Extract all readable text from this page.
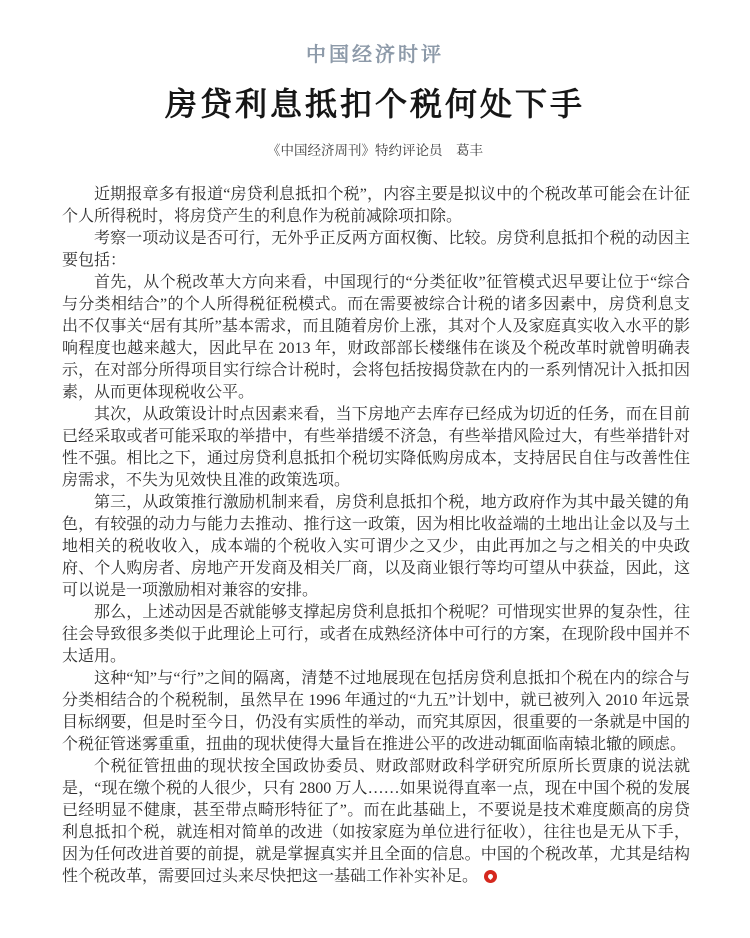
中国经济时评
房贷利息抵扣个税何处下手
《中国经济周刊》特约评论员　葛丰

近期报章多有报道“房贷利息抵扣个税”，内容主要是拟议中的个税改革可能会在计征个人所得税时，将房贷产生的利息作为税前减除项扣除。

考察一项动议是否可行，无外乎正反两方面权衡、比较。房贷利息抵扣个税的动因主要包括：

首先，从个税改革大方向来看，中国现行的“分类征收”征管模式迟早要让位于“综合与分类相结合”的个人所得税征税模式。而在需要被综合计税的诸多因素中，房贷利息支出不仅事关“居有其所”基本需求，而且随着房价上涨，其对个人及家庭真实收入水平的影响程度也越来越大，因此早在 2013 年，财政部部长楼继伟在谈及个税改革时就曾明确表示，在对部分所得项目实行综合计税时，会将包括按揭贷款在内的一系列情况计入抵扣因素，从而更体现税收公平。

其次，从政策设计时点因素来看，当下房地产去库存已经成为切近的任务，而在目前已经采取或者可能采取的举措中，有些举措缓不济急，有些举措风险过大，有些举措针对性不强。相比之下，通过房贷利息抵扣个税切实降低购房成本，支持居民自住与改善性住房需求，不失为见效快且准的政策选项。

第三，从政策推行激励机制来看，房贷利息抵扣个税，地方政府作为其中最关键的角色，有较强的动力与能力去推动、推行这一政策，因为相比收益端的土地出让金以及与土地相关的税收收入，成本端的个税收入实可谓少之又少，由此再加之与之相关的中央政府、个人购房者、房地产开发商及相关厂商，以及商业银行等均可望从中获益，因此，这可以说是一项激励相对兼容的安排。

那么，上述动因是否就能够支撑起房贷利息抵扣个税呢？可惜现实世界的复杂性，往往会导致很多类似于此理论上可行，或者在成熟经济体中可行的方案，在现阶段中国并不太适用。

这种“知”与“行”之间的隔离，清楚不过地展现在包括房贷利息抵扣个税在内的综合与分类相结合的个税税制，虽然早在 1996 年通过的“九五”计划中，就已被列入 2010 年远景目标纲要，但是时至今日，仍没有实质性的举动，而究其原因，很重要的一条就是中国的个税征管迷雾重重，扭曲的现状使得大量旨在推进公平的改进动辄面临南辕北辙的顾虑。

个税征管扭曲的现状按全国政协委员、财政部财政科学研究所原所长贾康的说法就是，“现在缴个税的人很少，只有 2800 万人……如果说得直率一点，现在中国个税的发展已经明显不健康，甚至带点畸形特征了”。而在此基础上，不要说是技术难度颇高的房贷利息抵扣个税，就连相对简单的改进（如按家庭为单位进行征收），往往也是无从下手，因为任何改进首要的前提，就是掌握真实并且全面的信息。中国的个税改革，尤其是结构性个税改革，需要回过头来尽快把这一基础工作补实补足。
